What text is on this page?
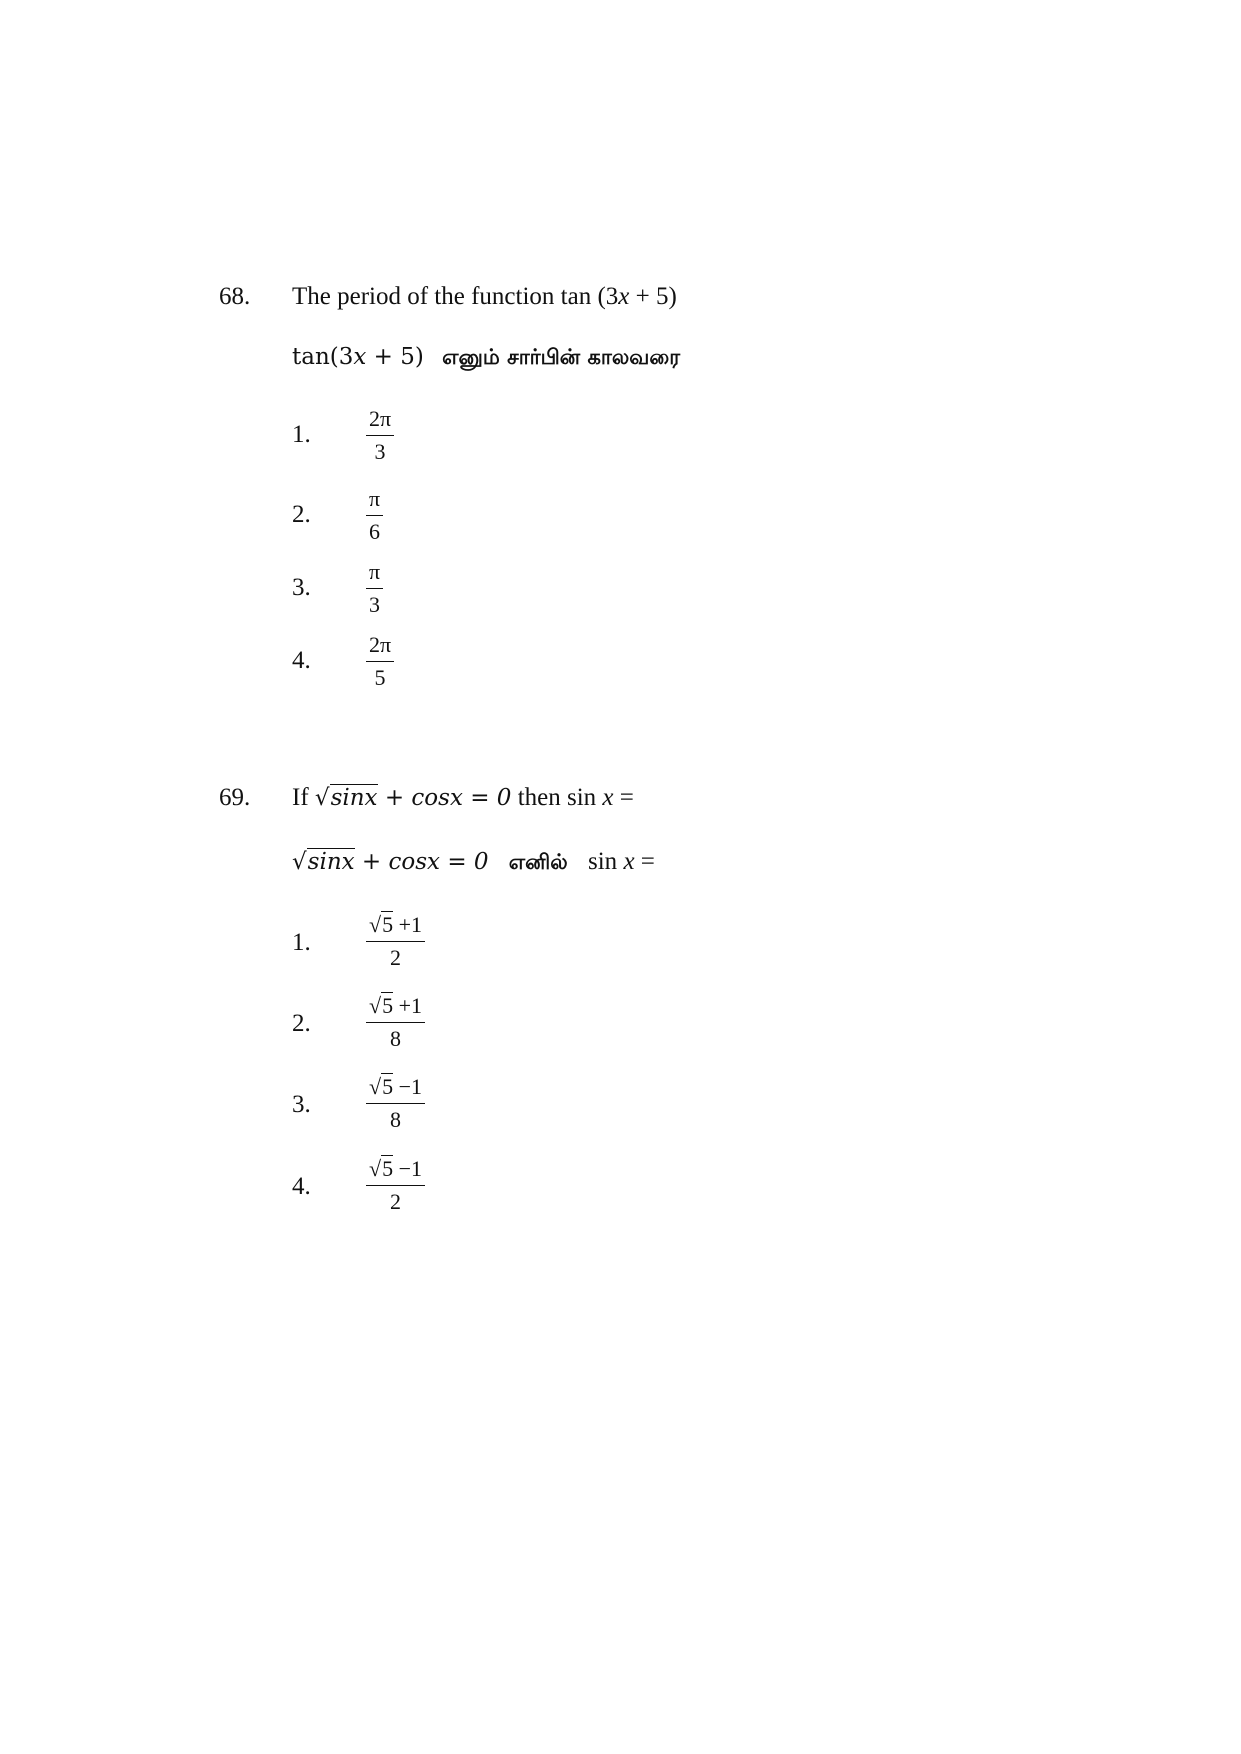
68. The period of the function tan (3x + 5)
tan(3x + 5) எனும் சார்பின் காலவரை
1.
2π
3
2.
π
6
3.
π
3
4.
2π
5
69. If √sinx + cosx = 0 then sin x =
√sinx + cosx = 0 எனில் sin x =
1.
√5 +1
2
2.
√5 +1
8
3.
√5 −1
8
4.
√5 −1
2
